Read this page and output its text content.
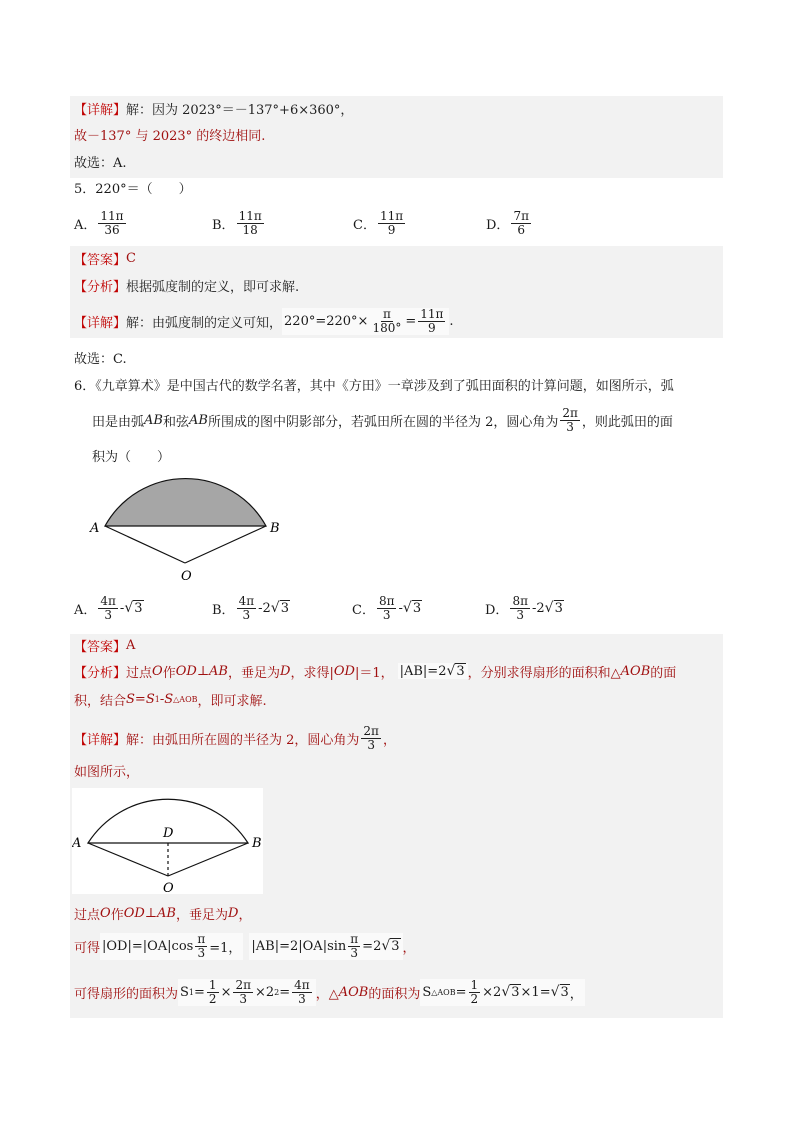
【详解】 解：因为 2023°＝－137°+6×360°，
故－137° 与 2023° 的终边相同.
故选：A.
5．220°＝（　　）
A． $\frac{11\pi}{36}$	B． $\frac{11\pi}{18}$	C． $\frac{11\pi}{9}$	D． $\frac{7\pi}{6}$
【答案】 C
【分析】 根据弧度制的定义，即可求解.
【详解】 解：由弧度制的定义可知， $220^\circ=220^\circ\times \frac{\pi}{180^\circ} = \frac{11\pi}{9}$ .
故选：C.
6．《九章算术》是中国古代的数学名著，其中《方田》一章涉及到了弧田面积的计算问题，如图所示，弧
田是由弧 AB 和弦 AB 所围成的图中阴影部分，若弧田所在圆的半径为 2，圆心角为 $\frac{2\pi}{3}$ ，则此弧田的面
积为（　　）
A	B
O
A． $\frac{4\pi}{3}$ - √ 3	B． $\frac{4\pi}{3} -2$ √ 3	C． $\frac{8\pi}{3}$ - √ 3	D． $\frac{8\pi}{3} -2$ √ 3
【答案】 A
【分析】 过点 O 作 OD ⊥ AB ，垂足为 D ，求得| OD |＝1， |AB|=2 √ 3 ，分别求得扇形的面积和△ AOB 的面
积，结合 S = S 1 - S △AOB ，即可求解.
【详解】 解：由弧田所在圆的半径为 2，圆心角为 $\frac{2\pi}{3}$ ，
如图所示，
A	B
D
O
过点 O 作 OD ⊥ AB ，垂足为 D ，
可得 $|OD|=|OA|\cos \frac{\pi}{3} =1$， $|AB|=2|OA|\sin \frac{\pi}{3} =2$ √ 3 ，
可得扇形的面积为 S $1 = \frac{1}{2} \times \frac{2\pi}{3} \times 2$ $2 = \frac{4\pi}{3}$ ，△ AOB 的面积为 S △AOB = $\frac{1}{2} \times 2$ √ 3 ×1= √ 3 ，
